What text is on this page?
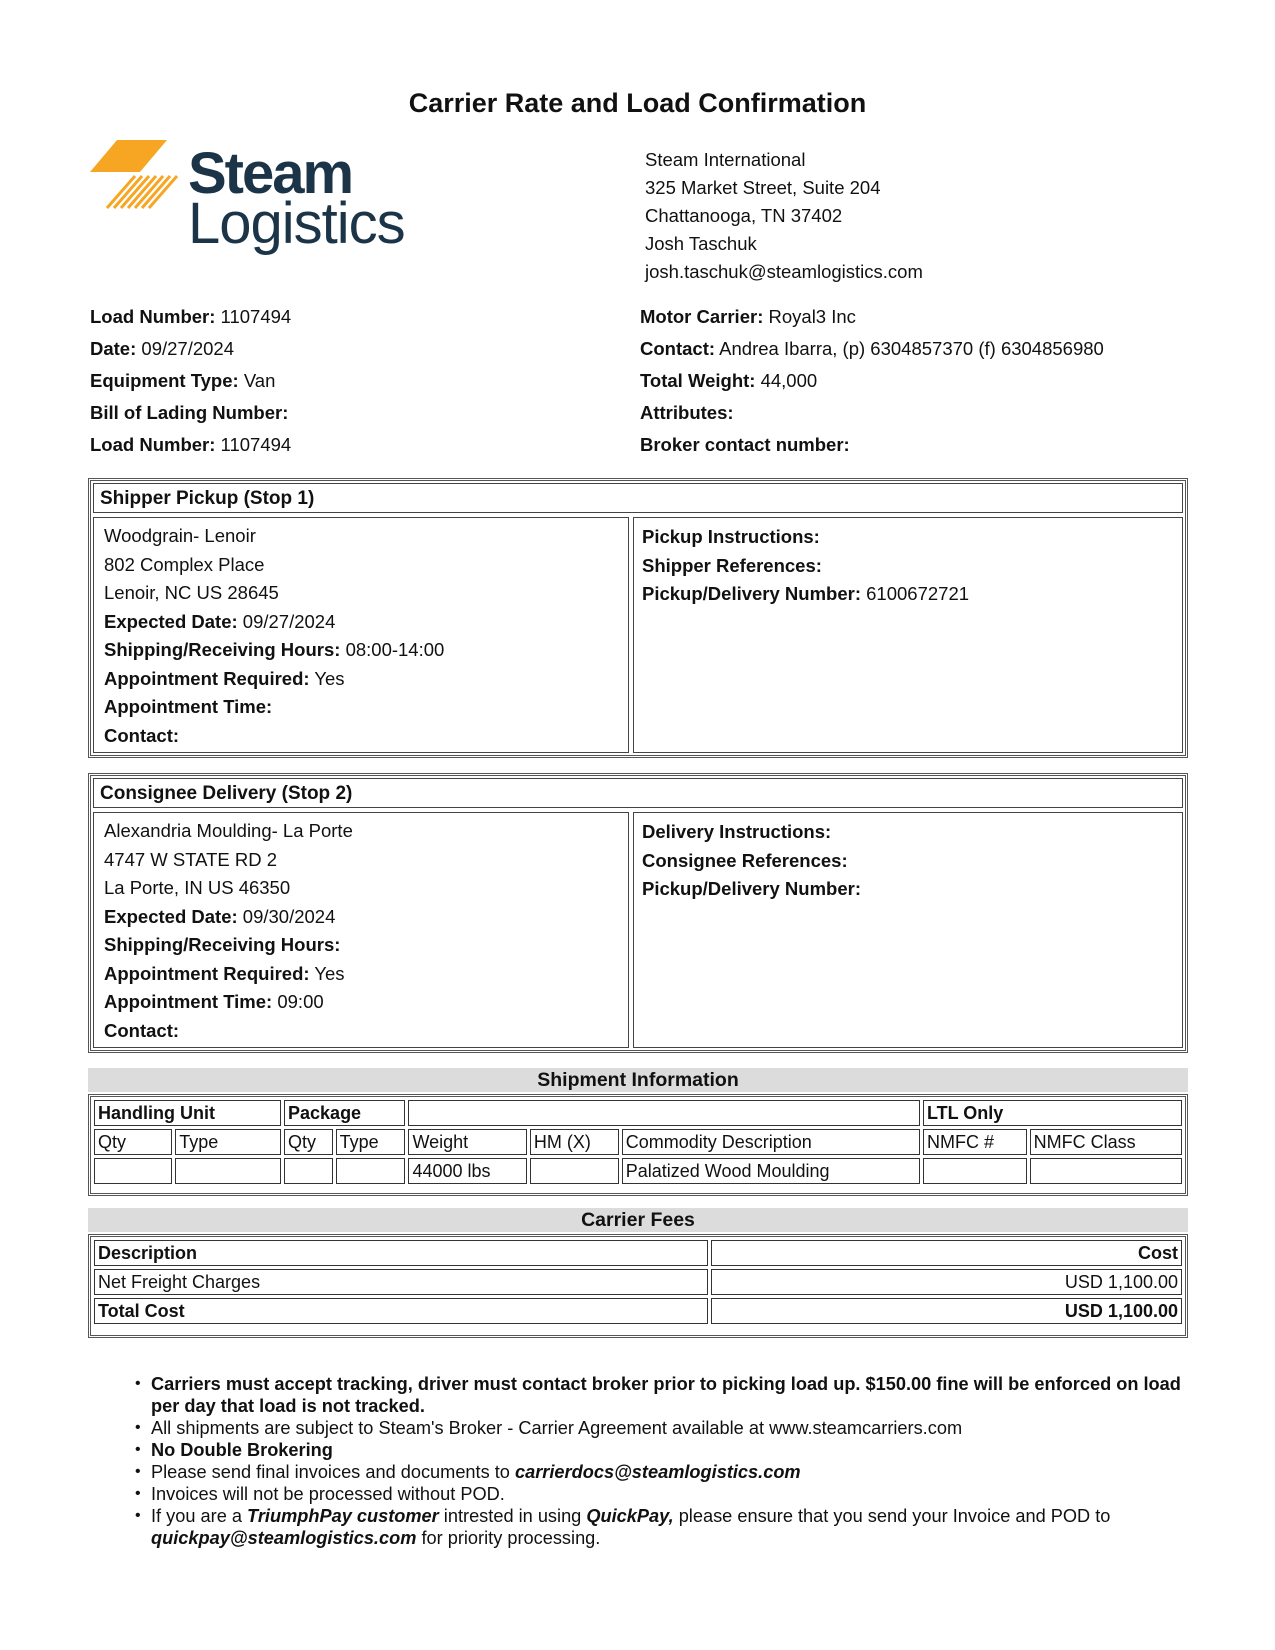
Carrier Rate and Load Confirmation
Steam
Logistics
Steam International
325 Market Street, Suite 204
Chattanooga, TN 37402
Josh Taschuk
josh.taschuk@steamlogistics.com
Load Number: 1107494
Date: 09/27/2024
Equipment Type: Van
Bill of Lading Number:
Load Number: 1107494
Motor Carrier: Royal3 Inc
Contact: Andrea Ibarra, (p) 6304857370 (f) 6304856980
Total Weight: 44,000
Attributes:
Broker contact number:
Shipper Pickup (Stop 1)
Woodgrain- Lenoir
802 Complex Place
Lenoir, NC US 28645
Expected Date: 09/27/2024
Shipping/Receiving Hours: 08:00-14:00
Appointment Required: Yes
Appointment Time:
Contact:
Pickup Instructions:
Shipper References:
Pickup/Delivery Number: 6100672721
Consignee Delivery (Stop 2)
Alexandria Moulding- La Porte
4747 W STATE RD 2
La Porte, IN US 46350
Expected Date: 09/30/2024
Shipping/Receiving Hours:
Appointment Required: Yes
Appointment Time: 09:00
Contact:
Delivery Instructions:
Consignee References:
Pickup/Delivery Number:
Shipment Information
Handling Unit		Package					LTL Only	
Qty	Type	Qty	Type	Weight	HM (X)	Commodity Description	NMFC #	NMFC Class
				44000 lbs		Palatized Wood Moulding		
Carrier Fees
Description	Cost
Net Freight Charges	USD 1,100.00
Total Cost	USD 1,100.00
• Carriers must accept tracking, driver must contact broker prior to picking load up. $150.00 fine will be enforced on load per day that load is not tracked.
• All shipments are subject to Steam's Broker - Carrier Agreement available at www.steamcarriers.com
• No Double Brokering
• Please send final invoices and documents to carrierdocs@steamlogistics.com
• Invoices will not be processed without POD.
• If you are a TriumphPay customer intrested in using QuickPay, please ensure that you send your Invoice and POD to quickpay@steamlogistics.com for priority processing.
